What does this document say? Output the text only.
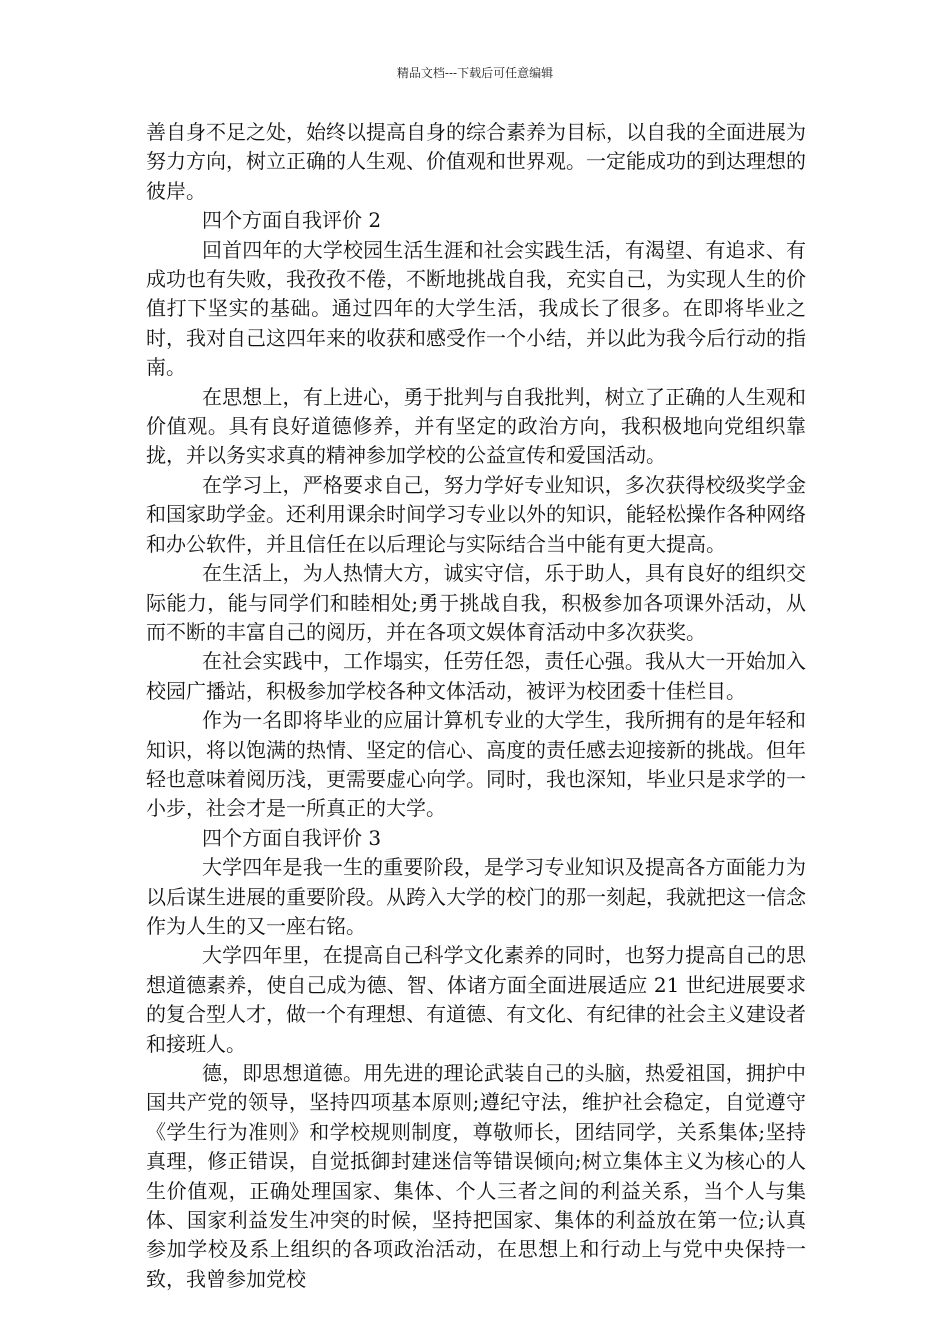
精品文档---下载后可任意编辑

善自身不足之处，始终以提高自身的综合素养为目标，以自我的全面进展为努力方向，树立正确的人生观、价值观和世界观。一定能成功的到达理想的彼岸。

四个方面自我评价 2

回首四年的大学校园生活生涯和社会实践生活，有渴望、有追求、有成功也有失败，我孜孜不倦，不断地挑战自我，充实自己，为实现人生的价值打下坚实的基础。通过四年的大学生活，我成长了很多。在即将毕业之时，我对自己这四年来的收获和感受作一个小结，并以此为我今后行动的指南。

在思想上，有上进心，勇于批判与自我批判，树立了正确的人生观和价值观。具有良好道德修养，并有坚定的政治方向，我积极地向党组织靠拢，并以务实求真的精神参加学校的公益宣传和爱国活动。

在学习上，严格要求自己，努力学好专业知识，多次获得校级奖学金和国家助学金。还利用课余时间学习专业以外的知识，能轻松操作各种网络和办公软件，并且信任在以后理论与实际结合当中能有更大提高。

在生活上，为人热情大方，诚实守信，乐于助人，具有良好的组织交际能力，能与同学们和睦相处;勇于挑战自我，积极参加各项课外活动，从而不断的丰富自己的阅历，并在各项文娱体育活动中多次获奖。

在社会实践中，工作塌实，任劳任怨，责任心强。我从大一开始加入校园广播站，积极参加学校各种文体活动，被评为校团委十佳栏目。

作为一名即将毕业的应届计算机专业的大学生，我所拥有的是年轻和知识，将以饱满的热情、坚定的信心、高度的责任感去迎接新的挑战。但年轻也意味着阅历浅，更需要虚心向学。同时，我也深知，毕业只是求学的一小步，社会才是一所真正的大学。

四个方面自我评价 3

大学四年是我一生的重要阶段，是学习专业知识及提高各方面能力为以后谋生进展的重要阶段。从跨入大学的校门的那一刻起，我就把这一信念作为人生的又一座右铭。

大学四年里，在提高自己科学文化素养的同时，也努力提高自己的思想道德素养，使自己成为德、智、体诸方面全面进展适应 21 世纪进展要求的复合型人才，做一个有理想、有道德、有文化、有纪律的社会主义建设者和接班人。

德，即思想道德。用先进的理论武装自己的头脑，热爱祖国，拥护中国共产党的领导，坚持四项基本原则;遵纪守法，维护社会稳定，自觉遵守《学生行为准则》和学校规则制度，尊敬师长，团结同学，关系集体;坚持真理，修正错误，自觉抵御封建迷信等错误倾向;树立集体主义为核心的人生价值观，正确处理国家、集体、个人三者之间的利益关系，当个人与集体、国家利益发生冲突的时候，坚持把国家、集体的利益放在第一位;认真参加学校及系上组织的各项政治活动，在思想上和行动上与党中央保持一致，我曾参加党校
